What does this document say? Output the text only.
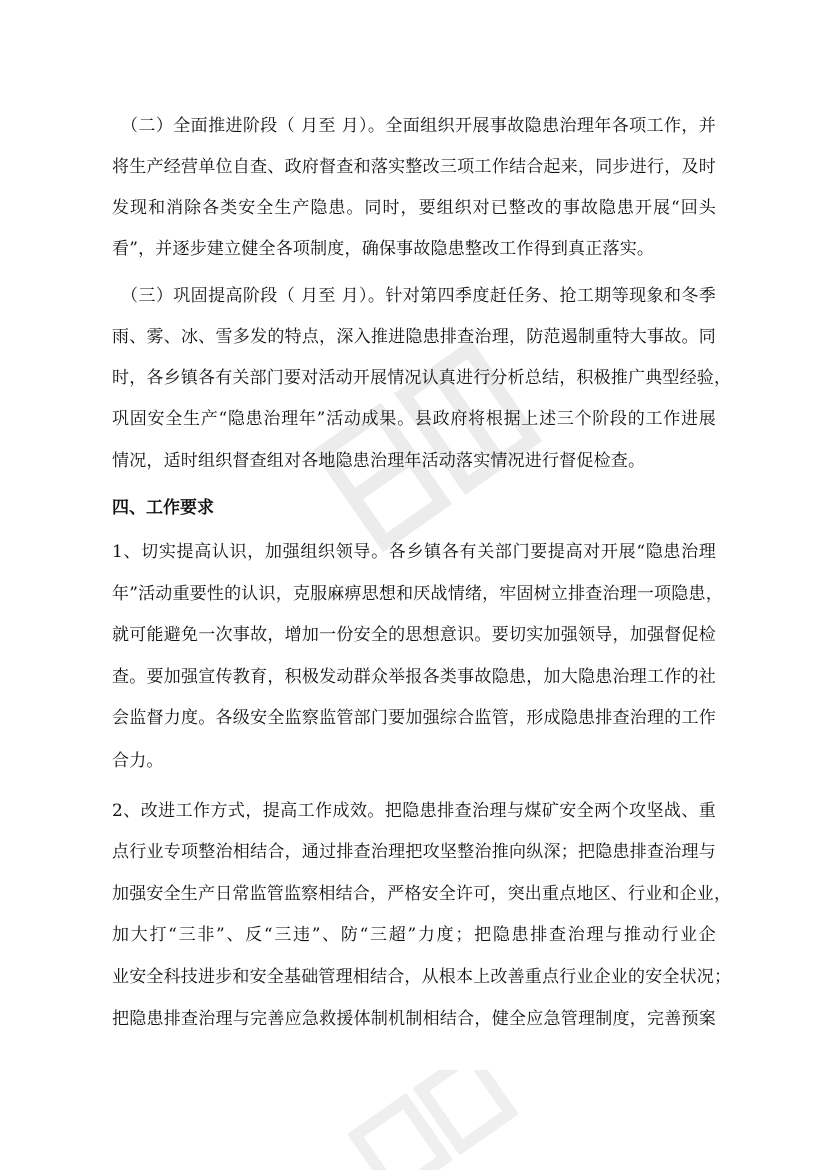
（二）全面推进阶段（ 月至 月）。全面组织开展事故隐患治理年各项工作，并
将生产经营单位自查、政府督查和落实整改三项工作结合起来，同步进行，及时
发现和消除各类安全生产隐患。同时，要组织对已整改的事故隐患开展“回头
看”，并逐步建立健全各项制度，确保事故隐患整改工作得到真正落实。
（三）巩固提高阶段（ 月至 月）。针对第四季度赶任务、抢工期等现象和冬季
雨、雾、冰、雪多发的特点，深入推进隐患排查治理，防范遏制重特大事故。同
时，各乡镇各有关部门要对活动开展情况认真进行分析总结，积极推广典型经验，
巩固安全生产“隐患治理年”活动成果。县政府将根据上述三个阶段的工作进展
情况，适时组织督查组对各地隐患治理年活动落实情况进行督促检查。
四、工作要求
1、切实提高认识，加强组织领导。各乡镇各有关部门要提高对开展“隐患治理
年”活动重要性的认识，克服麻痹思想和厌战情绪，牢固树立排查治理一项隐患，
就可能避免一次事故，增加一份安全的思想意识。要切实加强领导，加强督促检
查。要加强宣传教育，积极发动群众举报各类事故隐患，加大隐患治理工作的社
会监督力度。各级安全监察监管部门要加强综合监管，形成隐患排查治理的工作
合力。
2、改进工作方式，提高工作成效。把隐患排查治理与煤矿安全两个攻坚战、重
点行业专项整治相结合，通过排查治理把攻坚整治推向纵深；把隐患排查治理与
加强安全生产日常监管监察相结合，严格安全许可，突出重点地区、行业和企业，
加大打“三非”、反“三违”、防“三超”力度；把隐患排查治理与推动行业企
业安全科技进步和安全基础管理相结合，从根本上改善重点行业企业的安全状况；
把隐患排查治理与完善应急救援体制机制相结合，健全应急管理制度，完善预案
